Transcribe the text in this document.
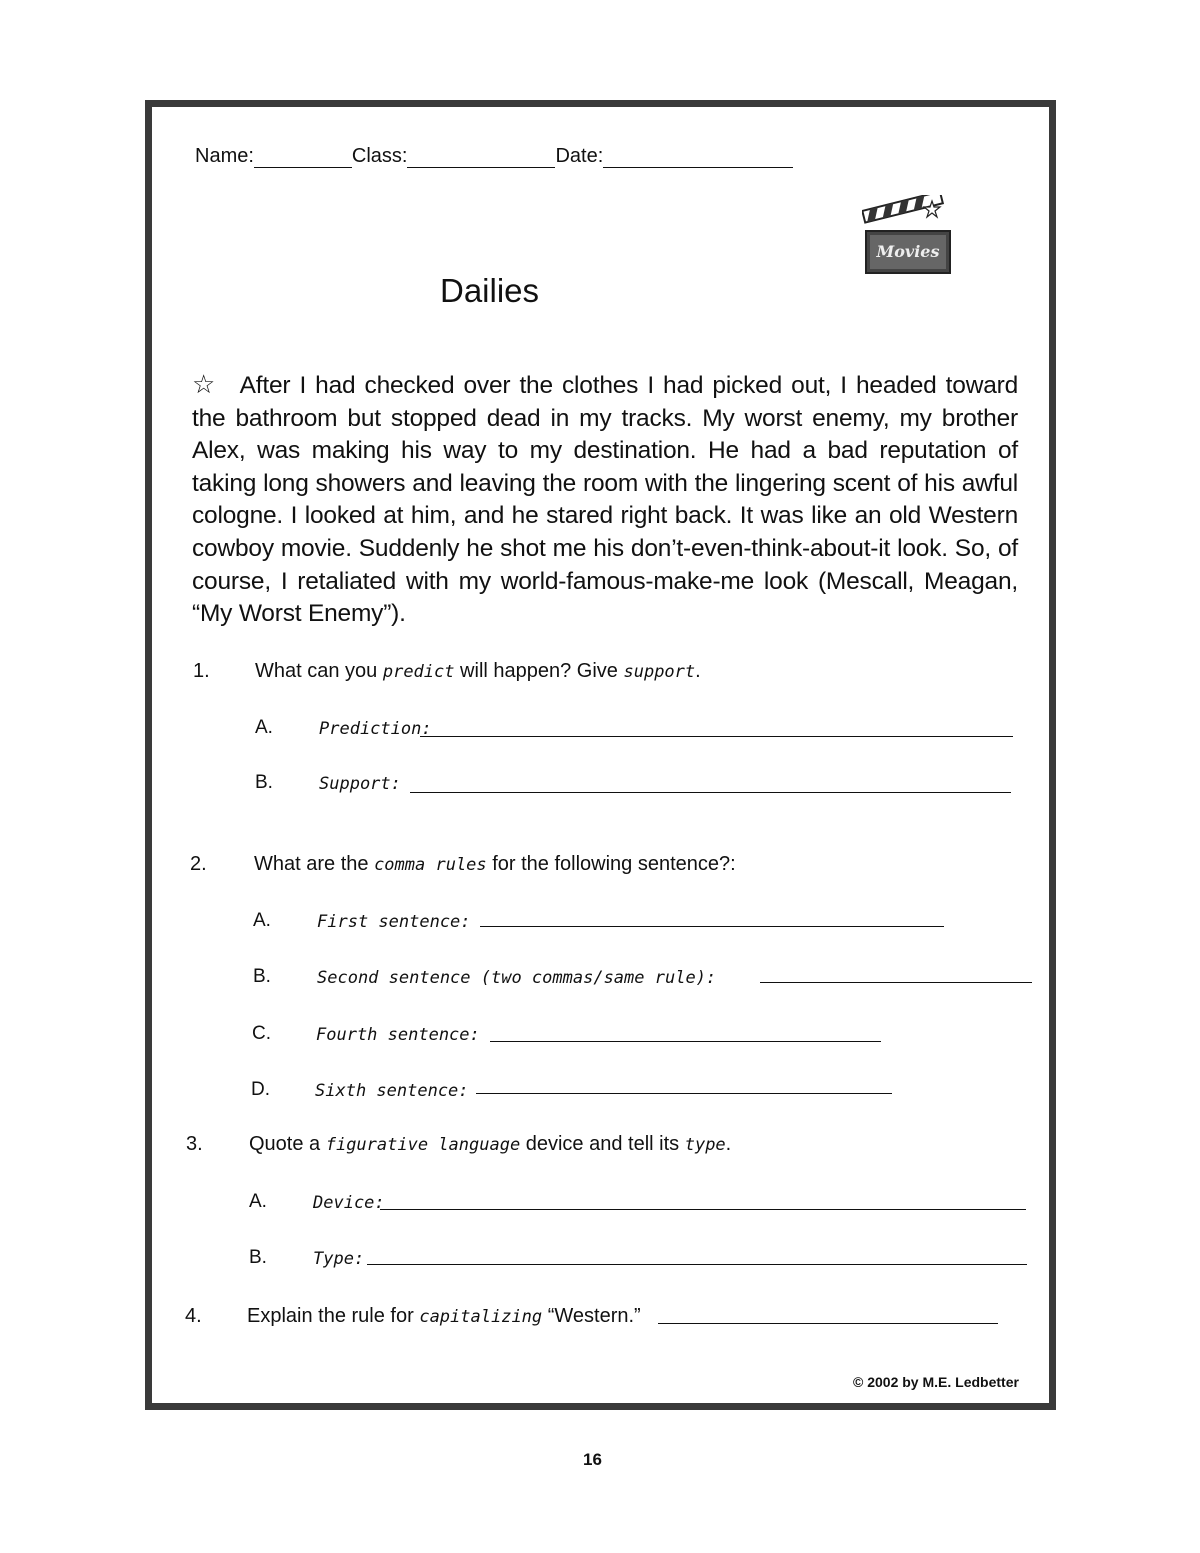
Name:	Class:	Date:
Movies
Dailies
☆ After I had checked over the clothes I had picked out, I headed toward the bathroom but stopped dead in my tracks. My worst enemy, my brother Alex, was making his way to my destination. He had a bad reputation of taking long showers and leaving the room with the lingering scent of his awful cologne. I looked at him, and he stared right back. It was like an old Western cowboy movie. Suddenly he shot me his don’t-even-think-about-it look. So, of course, I retaliated with my world-famous-make-me look (Mescall, Meagan, “My Worst Enemy”).
1. What can you predict will happen? Give support.
A.	Prediction:
B.	Support:
2. What are the comma rules for the following sentence?:
A.	First sentence:
B.	Second sentence (two commas/same rule):
C.	Fourth sentence:
D.	Sixth sentence:
3. Quote a figurative language device and tell its type.
A.	Device:
B.	Type:
4. Explain the rule for capitalizing “Western.”
© 2002 by M.E. Ledbetter
16
